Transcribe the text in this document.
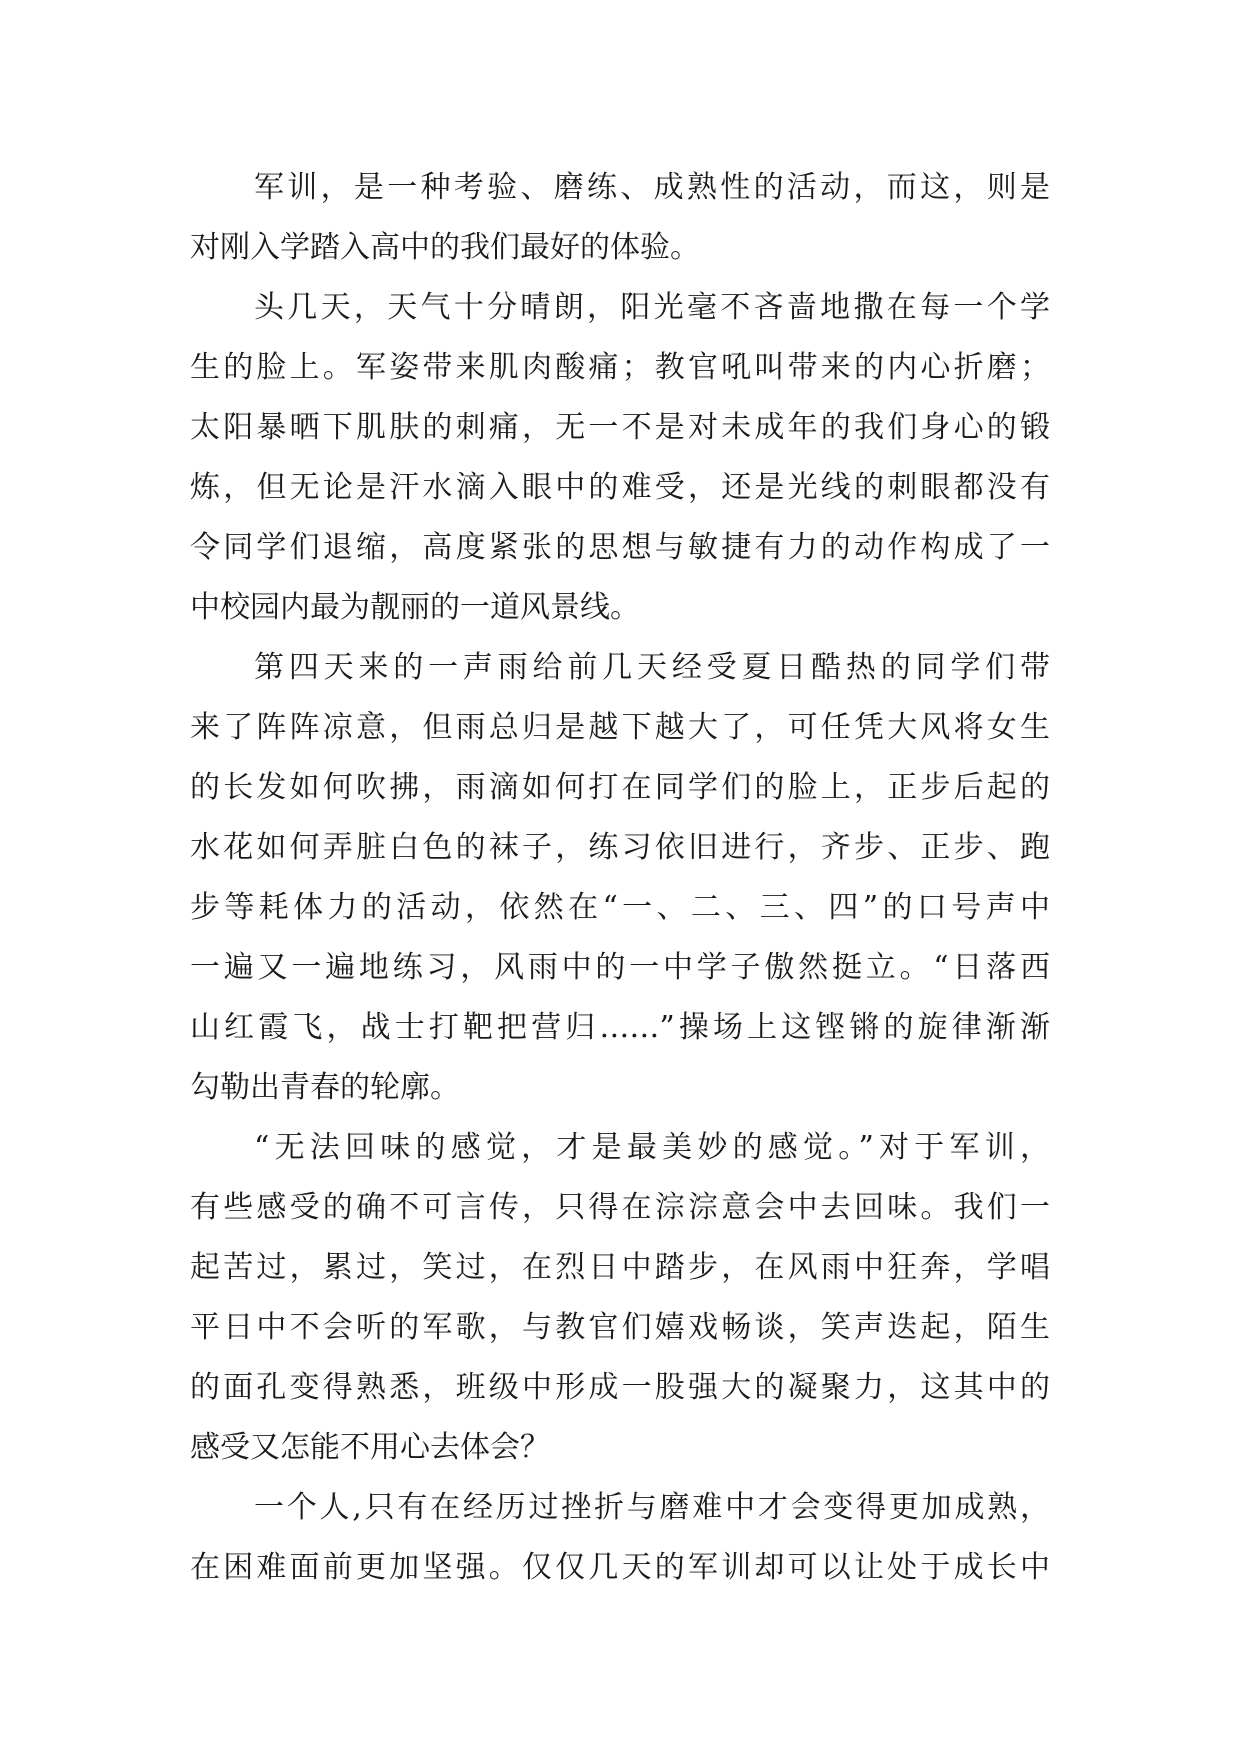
军训，是一种考验、磨练、成熟性的活动，而这，则是
对刚入学踏入高中的我们最好的体验。
头几天，天气十分晴朗，阳光毫不吝啬地撒在每一个学
生的脸上。军姿带来肌肉酸痛；教官吼叫带来的内心折磨；
太阳暴晒下肌肤的刺痛，无一不是对未成年的我们身心的锻
炼，但无论是汗水滴入眼中的难受，还是光线的刺眼都没有
令同学们退缩，高度紧张的思想与敏捷有力的动作构成了一
中校园内最为靓丽的一道风景线。
第四天来的一声雨给前几天经受夏日酷热的同学们带
来了阵阵凉意，但雨总归是越下越大了，可任凭大风将女生
的长发如何吹拂，雨滴如何打在同学们的脸上，正步后起的
水花如何弄脏白色的袜子，练习依旧进行，齐步、正步、跑
步等耗体力的活动，依然在“一、二、三、四”的口号声中
一遍又一遍地练习，风雨中的一中学子傲然挺立。“日落西
山红霞飞，战士打靶把营归……”操场上这铿锵的旋律渐渐
勾勒出青春的轮廓。
“无法回味的感觉，才是最美妙的感觉。”对于军训，
有些感受的确不可言传，只得在淙淙意会中去回味。我们一
起苦过，累过，笑过，在烈日中踏步，在风雨中狂奔，学唱
平日中不会听的军歌，与教官们嬉戏畅谈，笑声迭起，陌生
的面孔变得熟悉，班级中形成一股强大的凝聚力，这其中的
感受又怎能不用心去体会？
一个人,只有在经历过挫折与磨难中才会变得更加成熟，
在困难面前更加坚强。仅仅几天的军训却可以让处于成长中
